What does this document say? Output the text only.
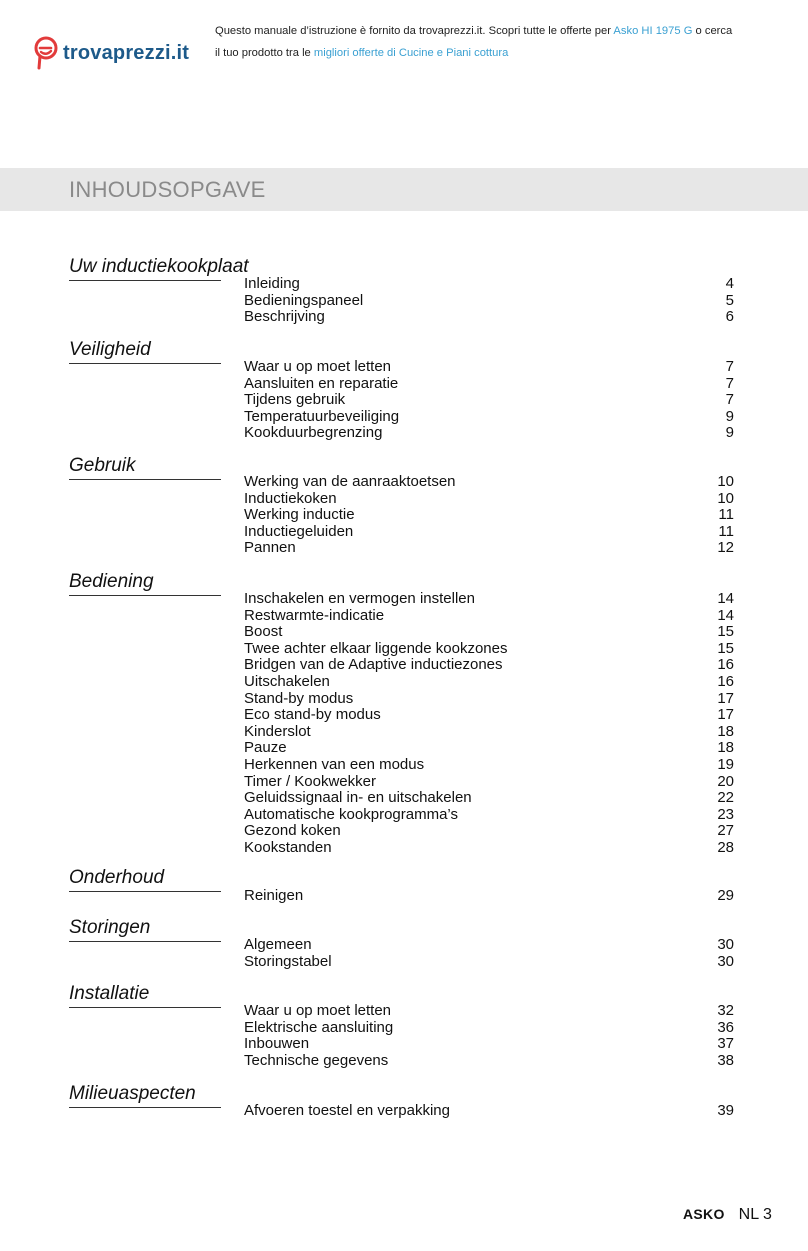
trovaprezzi.it
Questo manuale d’istruzione è fornito da trovaprezzi.it. Scopri tutte le offerte per Asko HI 1975 G o cerca
il tuo prodotto tra le migliori offerte di Cucine e Piani cottura
INHOUDSOPGAVE
Uw inductiekookplaat
Inleiding	4
Bedieningspaneel	5
Beschrijving	6
Veiligheid
Waar u op moet letten	7
Aansluiten en reparatie	7
Tijdens gebruik	7
Temperatuurbeveiliging	9
Kookduurbegrenzing	9
Gebruik
Werking van de aanraaktoetsen	10
Inductiekoken	10
Werking inductie	11
Inductiegeluiden	11
Pannen	12
Bediening
Inschakelen en vermogen instellen	14
Restwarmte-indicatie	14
Boost	15
Twee achter elkaar liggende kookzones	15
Bridgen van de Adaptive inductiezones	16
Uitschakelen	16
Stand-by modus	17
Eco stand-by modus	17
Kinderslot	18
Pauze	18
Herkennen van een modus	19
Timer / Kookwekker	20
Geluidssignaal in- en uitschakelen	22
Automatische kookprogramma’s	23
Gezond koken	27
Kookstanden	28
Onderhoud
Reinigen	29
Storingen
Algemeen	30
Storingstabel	30
Installatie
Waar u op moet letten	32
Elektrische aansluiting	36
Inbouwen	37
Technische gegevens	38
Milieuaspecten
Afvoeren toestel en verpakking	39
ASKO NL 3
